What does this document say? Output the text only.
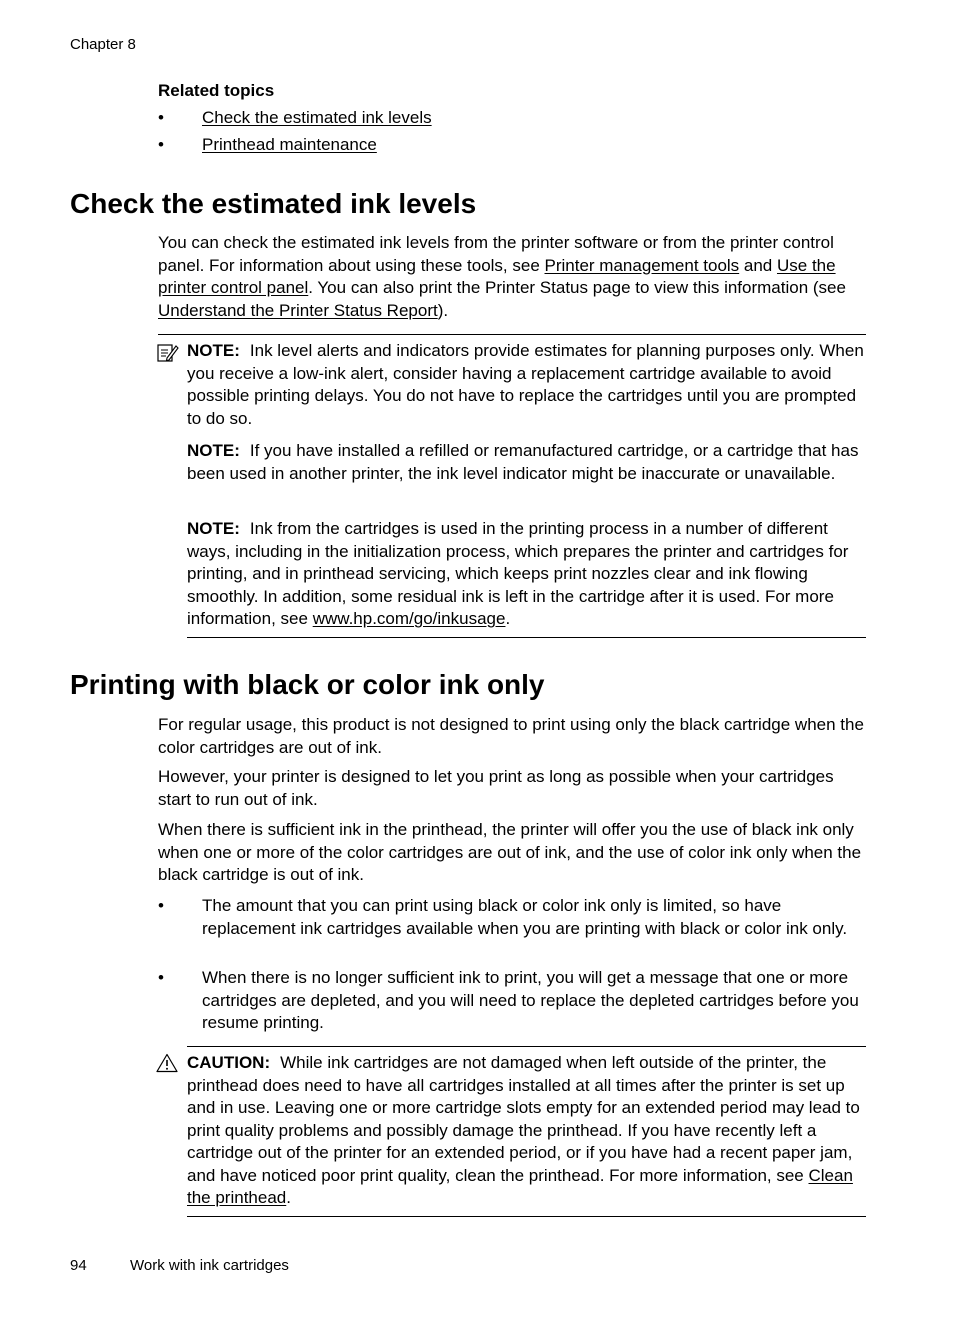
Chapter 8
Related topics
•	Check the estimated ink levels
•	Printhead maintenance
Check the estimated ink levels

You can check the estimated ink levels from the printer software or from the printer control panel. For information about using these tools, see Printer management tools and Use the printer control panel. You can also print the Printer Status page to view this information (see Understand the Printer Status Report).

NOTE: Ink level alerts and indicators provide estimates for planning purposes only. When you receive a low-ink alert, consider having a replacement cartridge available to avoid possible printing delays. You do not have to replace the cartridges until you are prompted to do so.

NOTE: If you have installed a refilled or remanufactured cartridge, or a cartridge that has been used in another printer, the ink level indicator might be inaccurate or unavailable.

NOTE: Ink from the cartridges is used in the printing process in a number of different ways, including in the initialization process, which prepares the printer and cartridges for printing, and in printhead servicing, which keeps print nozzles clear and ink flowing smoothly. In addition, some residual ink is left in the cartridge after it is used. For more information, see www.hp.com/go/inkusage.

Printing with black or color ink only

For regular usage, this product is not designed to print using only the black cartridge when the color cartridges are out of ink.

However, your printer is designed to let you print as long as possible when your cartridges start to run out of ink.

When there is sufficient ink in the printhead, the printer will offer you the use of black ink only when one or more of the color cartridges are out of ink, and the use of color ink only when the black cartridge is out of ink.

• The amount that you can print using black or color ink only is limited, so have replacement ink cartridges available when you are printing with black or color ink only.
• When there is no longer sufficient ink to print, you will get a message that one or more cartridges are depleted, and you will need to replace the depleted cartridges before you resume printing.

CAUTION: While ink cartridges are not damaged when left outside of the printer, the printhead does need to have all cartridges installed at all times after the printer is set up and in use. Leaving one or more cartridge slots empty for an extended period may lead to print quality problems and possibly damage the printhead. If you have recently left a cartridge out of the printer for an extended period, or if you have had a recent paper jam, and have noticed poor print quality, clean the printhead. For more information, see Clean the printhead.

94	Work with ink cartridges
